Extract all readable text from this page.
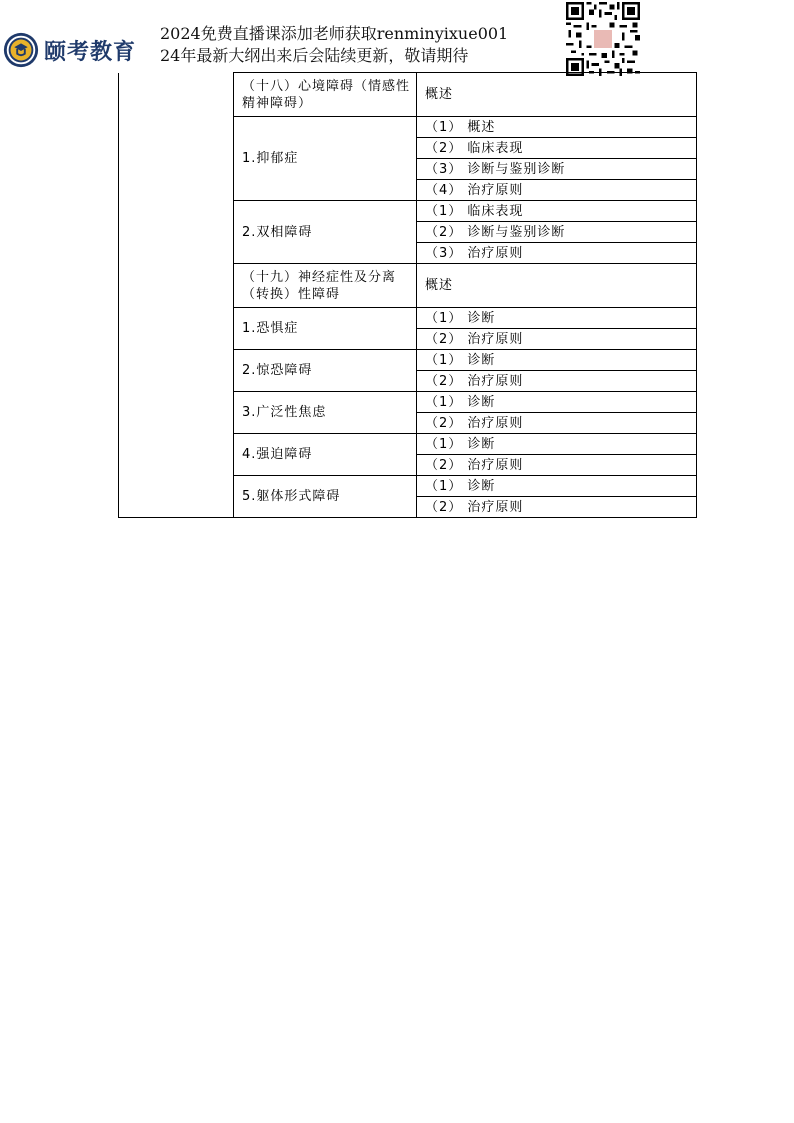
颐考教育
2024免费直播课添加老师获取renminyixue001
24年最新大纲出来后会陆续更新，敬请期待
	（十八）心境障碍（情感性精神障碍）	概述
	1.抑郁症	（1） 概述
		（2） 临床表现
		（3） 诊断与鉴别诊断
		（4） 治疗原则
	2.双相障碍	（1） 临床表现
		（2） 诊断与鉴别诊断
		（3） 治疗原则
	（十九）神经症性及分离（转换）性障碍	概述
	1.恐惧症	（1） 诊断
		（2） 治疗原则
	2.惊恐障碍	（1） 诊断
		（2） 治疗原则
	3.广泛性焦虑	（1） 诊断
		（2） 治疗原则
	4.强迫障碍	（1） 诊断
		（2） 治疗原则
	5.躯体形式障碍	（1） 诊断
		（2） 治疗原则
